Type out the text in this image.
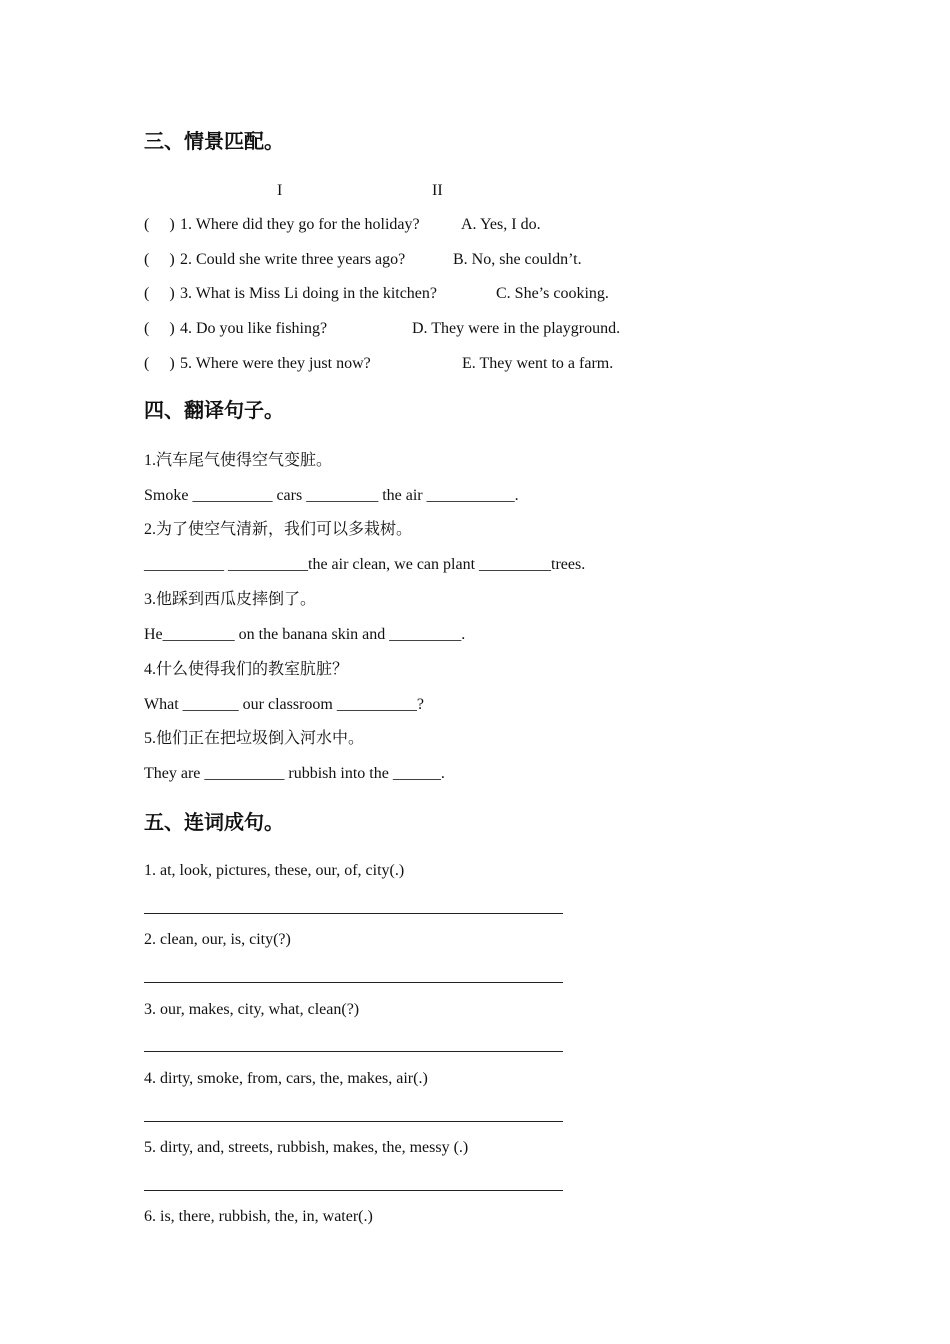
三、情景匹配。
I	II
(     ) 1. Where did they go for the holiday?	A. Yes, I do.
(     ) 2. Could she write three years ago?	B. No, she couldn’t.
(     ) 3. What is Miss Li doing in the kitchen?	C. She’s cooking.
(     ) 4. Do you like fishing?	D. They were in the playground.
(     ) 5. Where were they just now?	E. They went to a farm.
四、翻译句子。
1.汽车尾气使得空气变脏。
Smoke __________ cars _________ the air ___________.
2.为了使空气清新，我们可以多栽树。
__________ __________the air clean, we can plant _________trees.
3.他踩到西瓜皮摔倒了。
He_________ on the banana skin and _________.
4.什么使得我们的教室肮脏？
What _______ our classroom __________?
5.他们正在把垃圾倒入河水中。
They are __________ rubbish into the ______.
五、连词成句。
1. at, look, pictures, these, our, of, city(.)
2. clean, our, is, city(?)
3. our, makes, city, what, clean(?)
4. dirty, smoke, from, cars, the, makes, air(.)
5. dirty, and, streets, rubbish, makes, the, messy (.)
6. is, there, rubbish, the, in, water(.)
